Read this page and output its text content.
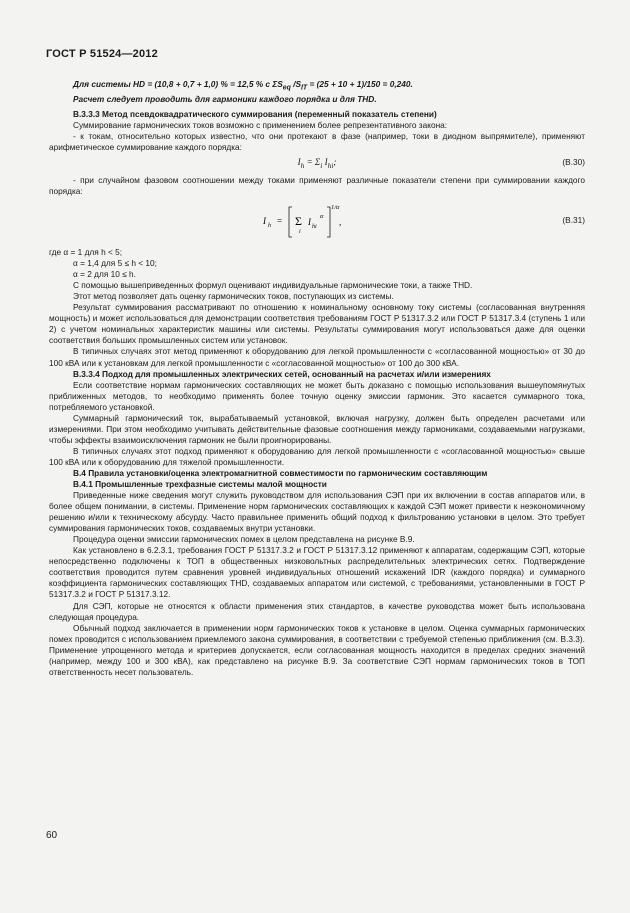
ГОСТ Р 51524—2012

Для системы HD = (10,8 + 0,7 + 1,0) % = 12,5 % с $\Sigma S_{eq}$ $/S_{IT} = (25 + 10 + 1)/150 = 0,240$.

Расчет следует проводить для гармоники каждого порядка и для THD.

B.3.3.3 Метод псевдоквадратического суммирования (переменный показатель степени)

Суммирование гармонических токов возможно с применением более репрезентативного закона:

- к токам, относительно которых известно, что они протекают в фазе (например, токи в диодном выпрямителе), применяют арифметическое суммирование каждого порядка:

$I_h = \Sigma_i$ $I_{hi}$;	(B.30)

- при случайном фазовом соотношении между токами применяют различные показатели степени при суммировании каждого порядка:

I h = Σ
i
I hi
α
1/α
,	(B.31)

где α = 1 для h < 5;

α = 1,4 для 5 ≤ h < 10;

α = 2 для 10 ≤ h.

С помощью вышеприведенных формул оценивают индивидуальные гармонические токи, а также THD.

Этот метод позволяет дать оценку гармонических токов, поступающих из системы.

Результат суммирования рассматривают по отношению к номинальному основному току системы (согласованная внутренняя мощность) и может использоваться для демонстрации соответствия требованиям ГОСТ Р 51317.3.2 или ГОСТ Р 51317.3.4 (ступень 1 или 2) с учетом номинальных характеристик машины или системы. Результаты суммирования могут использоваться даже для оценки соответствия больших промышленных систем или установок.

В типичных случаях этот метод применяют к оборудованию для легкой промышленности с «согласованной мощностью» от 30 до 100 кВА или к установкам для легкой промышленности с «согласованной мощностью» от 100 до 300 кВА.

B.3.3.4 Подход для промышленных электрических сетей, основанный на расчетах и/или измерениях

Если соответствие нормам гармонических составляющих не может быть доказано с помощью использования вышеупомянутых приближенных методов, то необходимо применять более точную оценку эмиссии гармоник. Это касается суммарного тока, потребляемого установкой.

Суммарный гармонический ток, вырабатываемый установкой, включая нагрузку, должен быть определен расчетами или измерениями. При этом необходимо учитывать действительные фазовые соотношения между гармониками, создаваемыми нагрузками, чтобы эффекты взаимоисключения гармоник не были проигнорированы.

В типичных случаях этот подход применяют к оборудованию для легкой промышленности с «согласованной мощностью» свыше 100 кВА или к оборудованию для тяжелой промышленности.

B.4 Правила установки/оценка электромагнитной совместимости по гармоническим составляющим

B.4.1 Промышленные трехфазные системы малой мощности

Приведенные ниже сведения могут служить руководством для использования СЭП при их включении в состав аппаратов или, в более общем понимании, в системы. Применение норм гармонических составляющих к каждой СЭП может привести к неэкономичному решению и/или к техническому абсурду. Часто правильнее применить общий подход к фильтрованию установки в целом. Это требует суммирования гармонических токов, создаваемых внутри установки.

Процедура оценки эмиссии гармонических помех в целом представлена на рисунке B.9.

Как установлено в 6.2.3.1, требования ГОСТ Р 51317.3.2 и ГОСТ Р 51317.3.12 применяют к аппаратам, содержащим СЭП, которые непосредственно подключены к ТОП в общественных низковольтных распределительных электрических сетях. Подтверждение соответствия проводится путем сравнения уровней индивидуальных отношений искажений IDR (каждого порядка) и суммарного коэффициента гармонических составляющих THD, создаваемых аппаратом или системой, с требованиями, установленными в ГОСТ Р 51317.3.2 и ГОСТ Р 51317.3.12.

Для СЭП, которые не относятся к области применения этих стандартов, в качестве руководства может быть использована следующая процедура.

Обычный подход заключается в применении норм гармонических токов к установке в целом. Оценка суммарных гармонических помех проводится с использованием приемлемого закона суммирования, в соответствии с требуемой степенью приближения (см. B.3.3). Применение упрощенного метода и критериев допускается, если согласованная мощность находится в пределах средних значений (например, между 100 и 300 кВА), как представлено на рисунке B.9. За соответствие СЭП нормам гармонических токов в ТОП ответственность несет пользователь.

60
